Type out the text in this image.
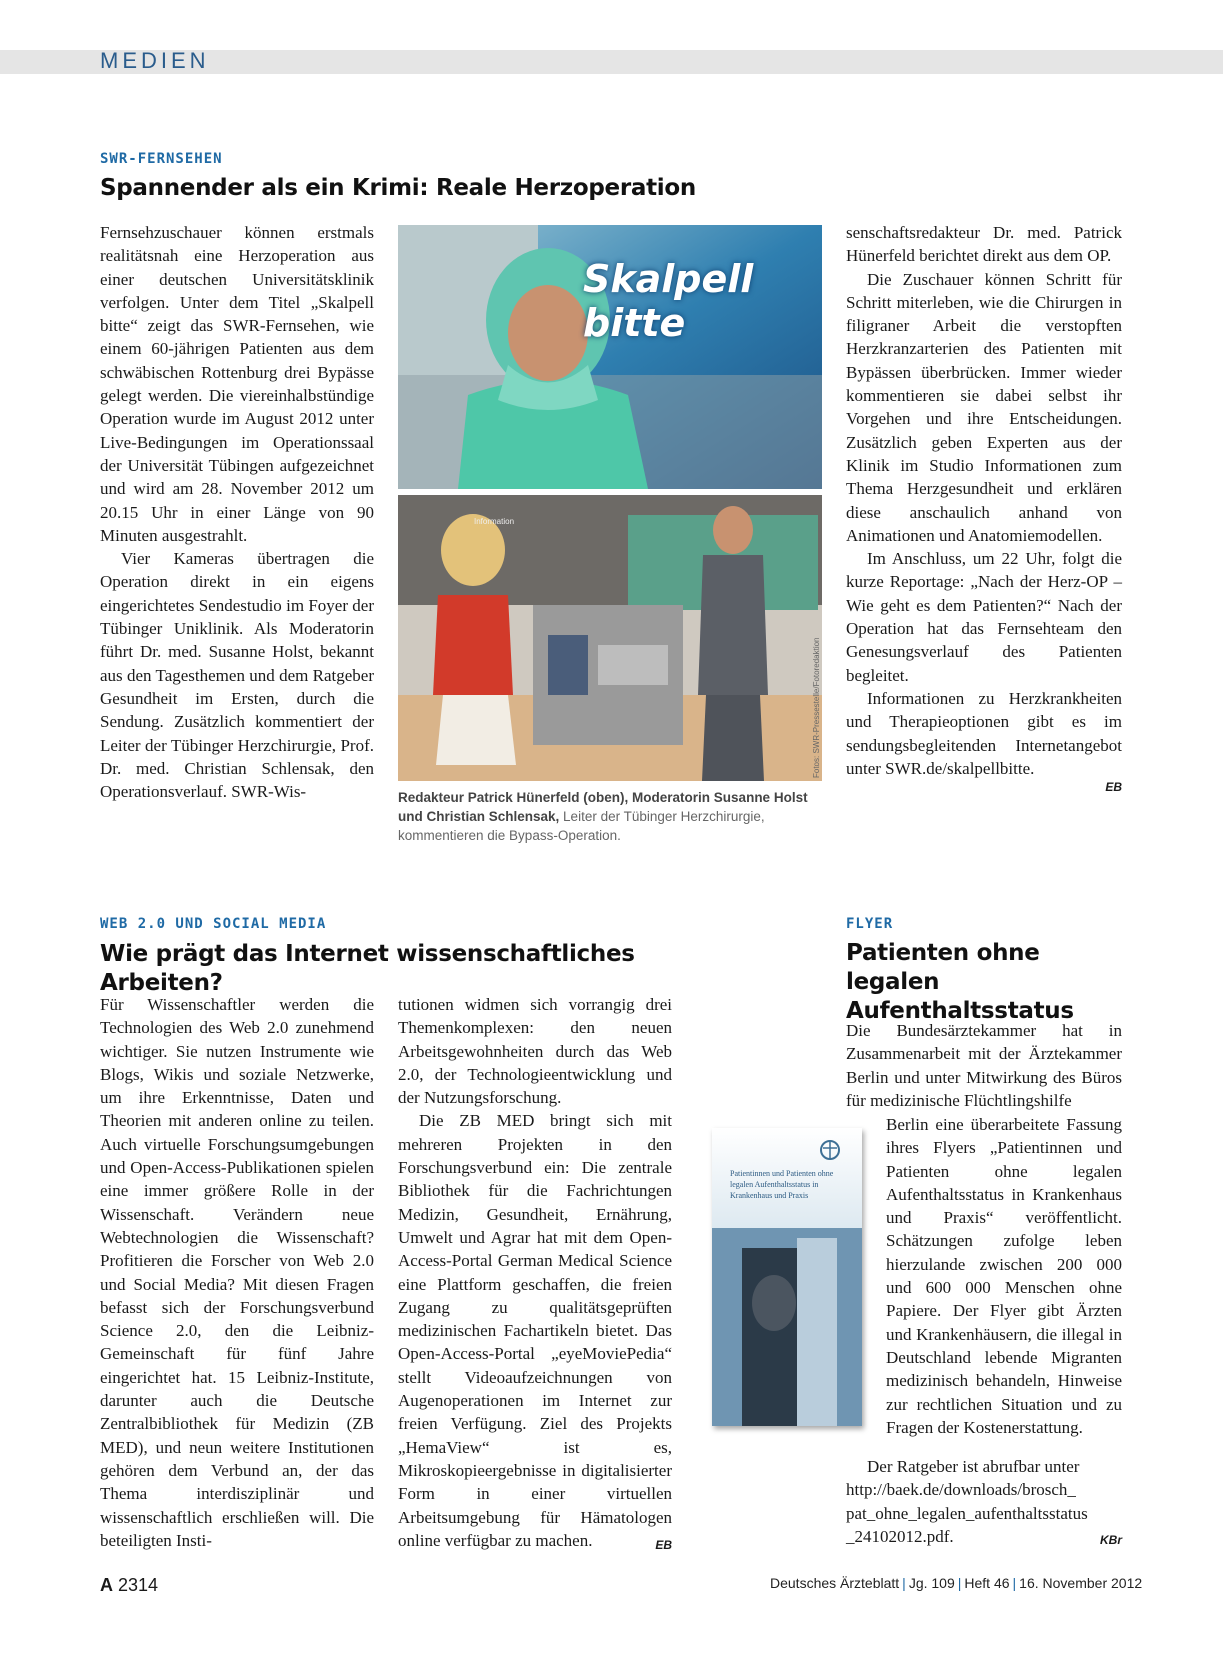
MEDIEN
SWR-FERNSEHEN
Spannender als ein Krimi: Reale Herzoperation

Fernsehzuschauer können erstmals realitätsnah eine Herzoperation aus einer deutschen Universitätsklinik verfolgen. Unter dem Titel „Skalpell bitte“ zeigt das SWR-Fernsehen, wie einem 60-jährigen Patienten aus dem schwäbischen Rottenburg drei Bypässe gelegt werden. Die viereinhalbstündige Operation wurde im August 2012 unter Live-Bedingungen im Operationssaal der Universität Tübingen aufgezeichnet und wird am 28. November 2012 um 20.15 Uhr in einer Länge von 90 Minuten ausgestrahlt.

Vier Kameras übertragen die Operation direkt in ein eigens eingerichtetes Sendestudio im Foyer der Tübinger Uniklinik. Als Moderatorin führt Dr. med. Susanne Holst, bekannt aus den Tagesthemen und dem Ratgeber Gesundheit im Ersten, durch die Sendung. Zusätzlich kommentiert der Leiter der Tübinger Herzchirurgie, Prof. Dr. med. Christian Schlensak, den Operationsverlauf. SWR-Wis-

Skalpell bitte
Information
Fotos: SWR-Pressestelle/Fotoredaktion
Redakteur Patrick Hünerfeld (oben), Moderatorin Susanne Holst und Christian Schlensak, Leiter der Tübinger Herzchirurgie, kommentieren die Bypass-Operation.

senschaftsredakteur Dr. med. Patrick Hünerfeld berichtet direkt aus dem OP.

Die Zuschauer können Schritt für Schritt miterleben, wie die Chirurgen in filigraner Arbeit die verstopften Herzkranzarterien des Patienten mit Bypässen überbrücken. Immer wieder kommentieren sie dabei selbst ihr Vorgehen und ihre Entscheidungen. Zusätzlich geben Experten aus der Klinik im Studio Informationen zum Thema Herzgesundheit und erklären diese anschaulich anhand von Animationen und Anatomiemodellen.

Im Anschluss, um 22 Uhr, folgt die kurze Reportage: „Nach der Herz-OP – Wie geht es dem Patienten?“ Nach der Operation hat das Fernsehteam den Genesungsverlauf des Patienten begleitet.

Informationen zu Herzkrankheiten und Therapieoptionen gibt es im sendungsbegleitenden Internetangebot unter SWR.de/skalpellbitte.

EB
WEB 2.0 UND SOCIAL MEDIA
Wie prägt das Internet wissenschaftliches Arbeiten?

Für Wissenschaftler werden die Technologien des Web 2.0 zunehmend wichtiger. Sie nutzen Instrumente wie Blogs, Wikis und soziale Netzwerke, um ihre Erkenntnisse, Daten und Theorien mit anderen online zu teilen. Auch virtuelle Forschungsumgebungen und Open-Access-Publikationen spielen eine immer größere Rolle in der Wissenschaft. Verändern neue Webtechnologien die Wissenschaft? Profitieren die Forscher von Web 2.0 und Social Media? Mit diesen Fragen befasst sich der Forschungsverbund Science 2.0, den die Leibniz-Gemeinschaft für fünf Jahre eingerichtet hat. 15 Leibniz-Institute, darunter auch die Deutsche Zentralbibliothek für Medizin (ZB MED), und neun weitere Institutionen gehören dem Verbund an, der das Thema interdisziplinär und wissenschaftlich erschließen will. Die beteiligten Insti-

tutionen widmen sich vorrangig drei Themenkomplexen: den neuen Arbeitsgewohnheiten durch das Web 2.0, der Technologieentwicklung und der Nutzungsforschung.

Die ZB MED bringt sich mit mehreren Projekten in den Forschungsverbund ein: Die zentrale Bibliothek für die Fachrichtungen Medizin, Gesundheit, Ernährung, Umwelt und Agrar hat mit dem Open-Access-Portal German Medical Science eine Plattform geschaffen, die freien Zugang zu qualitätsgeprüften medizinischen Fachartikeln bietet. Das Open-Access-Portal „eyeMoviePedia“ stellt Videoaufzeichnungen von Augenoperationen im Internet zur freien Verfügung. Ziel des Projekts „HemaView“ ist es, Mikroskopieergebnisse in digitalisierter Form in einer virtuellen Arbeitsumgebung für Hämatologen online verfügbar zu machen.	EB
FLYER
Patienten ohne legalen Aufenthaltsstatus

Die Bundesärztekammer hat in Zusammenarbeit mit der Ärztekammer Berlin und unter Mitwirkung des Büros für medizinische Flüchtlingshilfe

Patientinnen und Patienten ohne legalen Aufenthaltsstatus in Krankenhaus und Praxis

Berlin eine überarbeitete Fassung ihres Flyers „Patientinnen und Patienten ohne legalen Aufenthaltsstatus in Krankenhaus und Praxis“ veröffentlicht. Schätzungen zufolge leben hierzulande zwischen 200 000 und 600 000 Menschen ohne Papiere. Der Flyer gibt Ärzten und Krankenhäusern, die illegal in Deutschland lebende Migranten medizinisch behandeln, Hinweise zur rechtlichen Situation und zu Fragen der Kostenerstattung.

Der Ratgeber ist abrufbar unter

http://baek.de/downloads/brosch_
pat_ohne_legalen_aufenthaltsstatus
_24102012.pdf.	KBr
A 2314	Deutsches Ärzteblatt | Jg. 109 | Heft 46 | 16. November 2012
